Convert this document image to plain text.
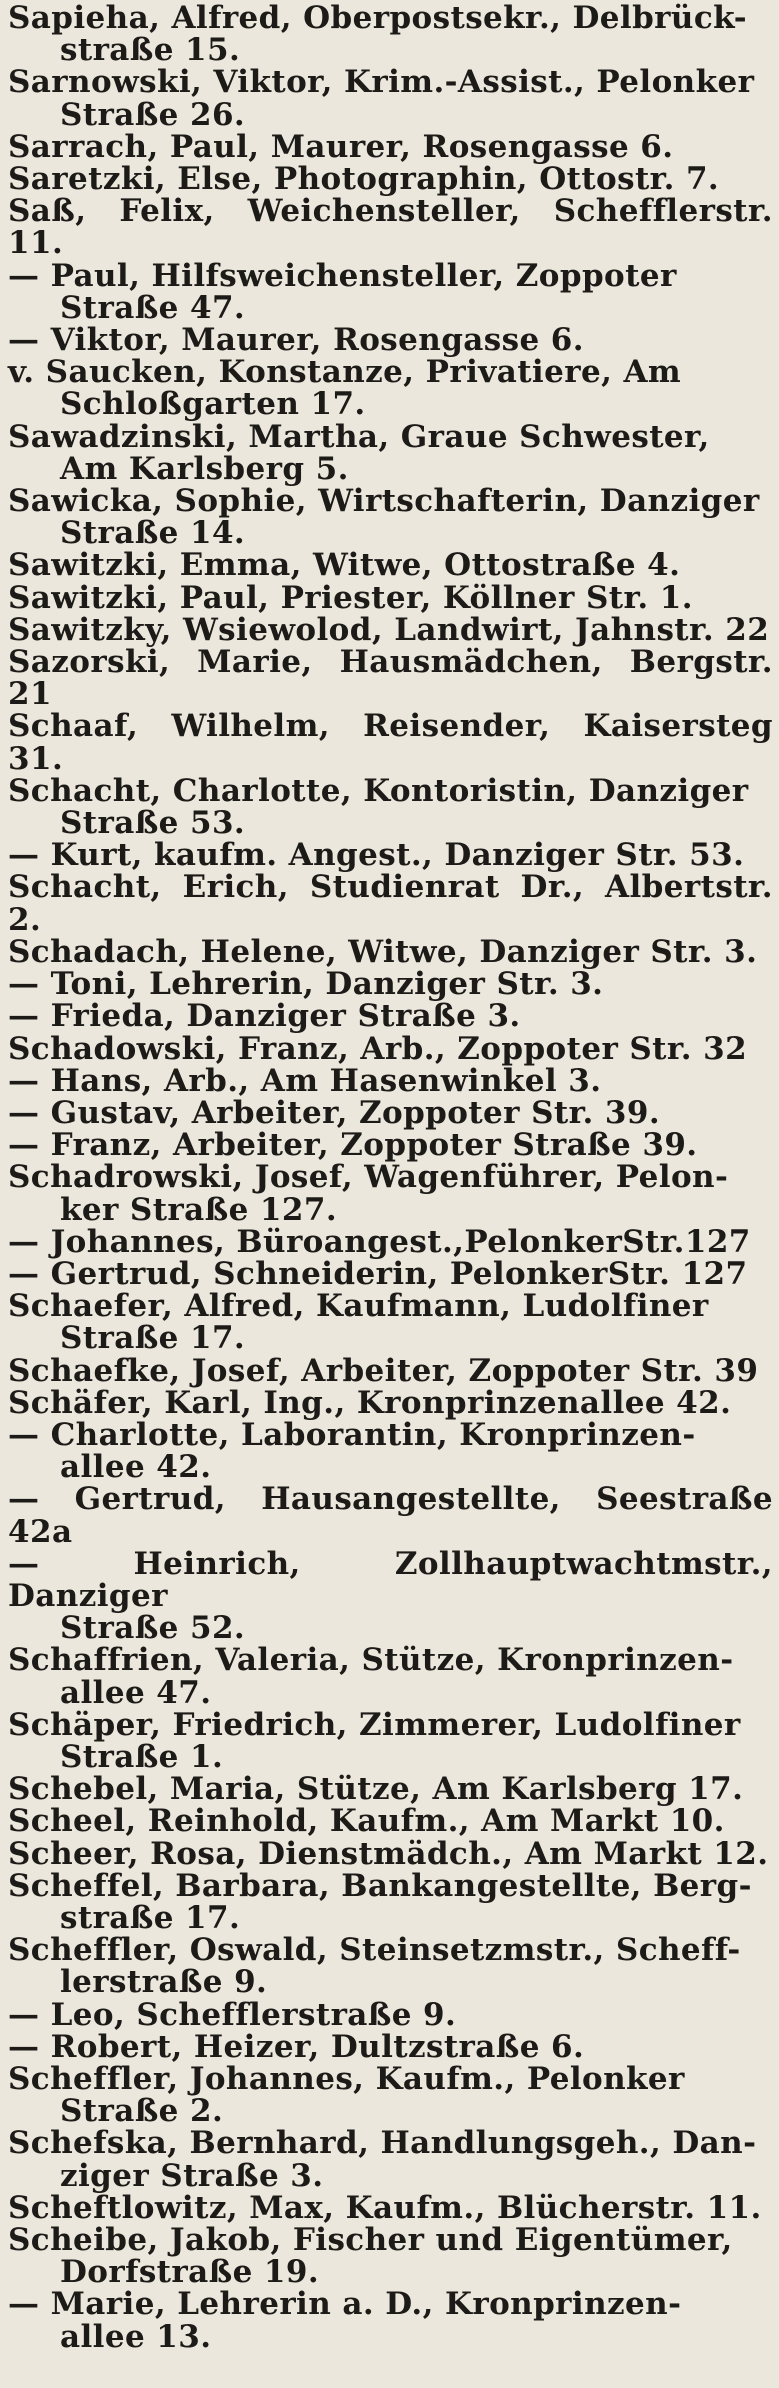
Sapieha, Alfred, Oberpostsekr., Delbrück-
straße 15.
Sarnowski, Viktor, Krim.-Assist., Pelonker
Straße 26.
Sarrach, Paul, Maurer, Rosengasse 6.
Saretzki, Else, Photographin, Ottostr. 7.
Saß, Felix, Weichensteller, Schefflerstr. 11.
— Paul, Hilfsweichensteller, Zoppoter
Straße 47.
— Viktor, Maurer, Rosengasse 6.
v. Saucken, Konstanze, Privatiere, Am
Schloßgarten 17.
Sawadzinski, Martha, Graue Schwester,
Am Karlsberg 5.
Sawicka, Sophie, Wirtschafterin, Danziger
Straße 14.
Sawitzki, Emma, Witwe, Ottostraße 4.
Sawitzki, Paul, Priester, Köllner Str. 1.
Sawitzky, Wsiewolod, Landwirt, Jahnstr. 22
Sazorski, Marie, Hausmädchen, Bergstr. 21
Schaaf, Wilhelm, Reisender, Kaisersteg 31.
Schacht, Charlotte, Kontoristin, Danziger
Straße 53.
— Kurt, kaufm. Angest., Danziger Str. 53.
Schacht, Erich, Studienrat Dr., Albertstr. 2.
Schadach, Helene, Witwe, Danziger Str. 3.
— Toni, Lehrerin, Danziger Str. 3.
— Frieda, Danziger Straße 3.
Schadowski, Franz, Arb., Zoppoter Str. 32
— Hans, Arb., Am Hasenwinkel 3.
— Gustav, Arbeiter, Zoppoter Str. 39.
— Franz, Arbeiter, Zoppoter Straße 39.
Schadrowski, Josef, Wagenführer, Pelon-
ker Straße 127.
— Johannes, Büroangest.,PelonkerStr.127
— Gertrud, Schneiderin, PelonkerStr. 127
Schaefer, Alfred, Kaufmann, Ludolfiner
Straße 17.
Schaefke, Josef, Arbeiter, Zoppoter Str. 39
Schäfer, Karl, Ing., Kronprinzenallee 42.
— Charlotte, Laborantin, Kronprinzen-
allee 42.
— Gertrud, Hausangestellte, Seestraße 42a
— Heinrich, Zollhauptwachtmstr., Danziger
Straße 52.
Schaffrien, Valeria, Stütze, Kronprinzen-
allee 47.
Schäper, Friedrich, Zimmerer, Ludolfiner
Straße 1.
Schebel, Maria, Stütze, Am Karlsberg 17.
Scheel, Reinhold, Kaufm., Am Markt 10.
Scheer, Rosa, Dienstmädch., Am Markt 12.
Scheffel, Barbara, Bankangestellte, Berg-
straße 17.
Scheffler, Oswald, Steinsetzmstr., Scheff-
lerstraße 9.
— Leo, Schefflerstraße 9.
— Robert, Heizer, Dultzstraße 6.
Scheffler, Johannes, Kaufm., Pelonker
Straße 2.
Schefska, Bernhard, Handlungsgeh., Dan-
ziger Straße 3.
Scheftlowitz, Max, Kaufm., Blücherstr. 11.
Scheibe, Jakob, Fischer und Eigentümer,
Dorfstraße 19.
— Marie, Lehrerin a. D., Kronprinzen-
allee 13.
